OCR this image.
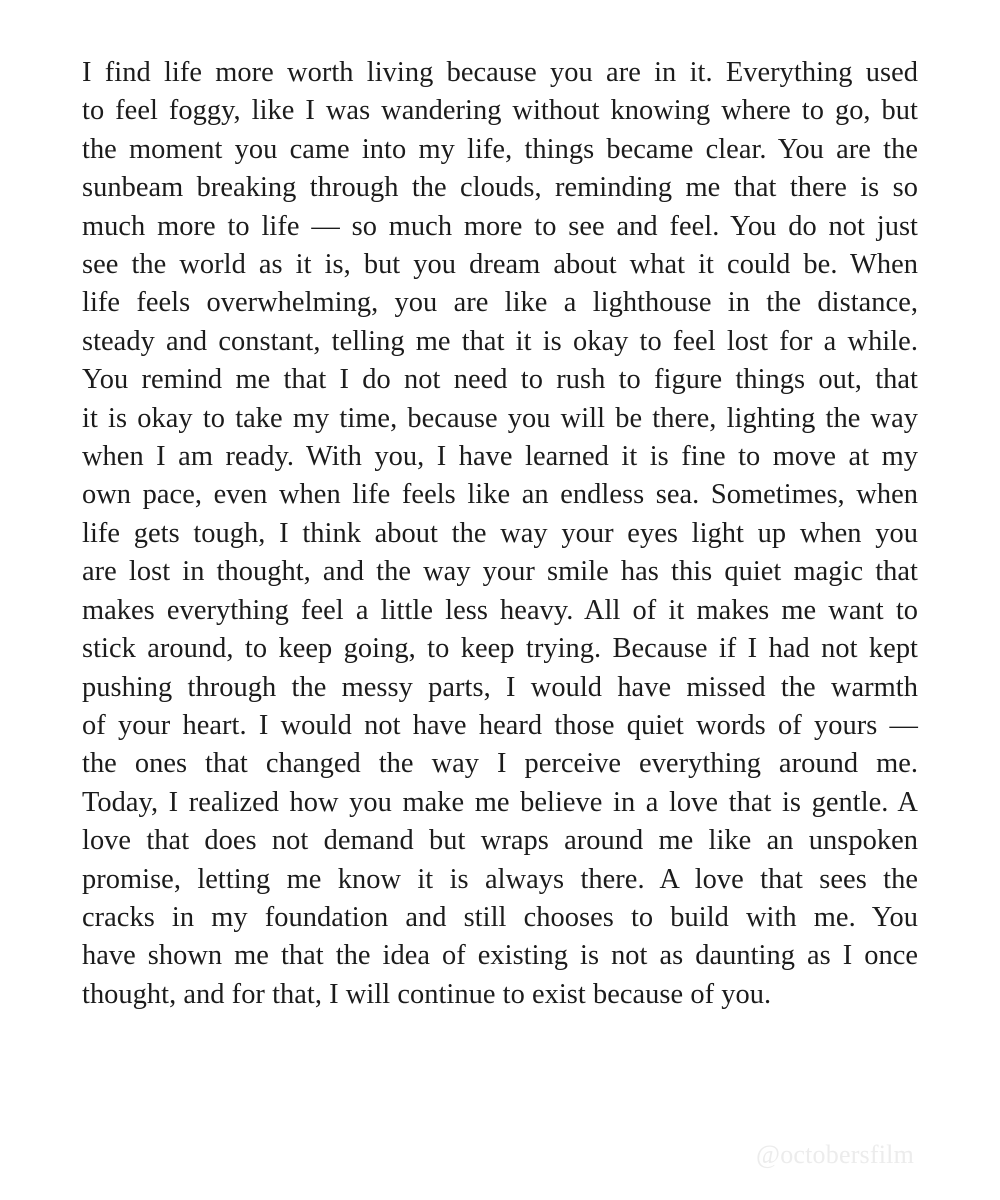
I find life more worth living because you are in it. Everything used
to feel foggy, like I was wandering without knowing where to go, but
the moment you came into my life, things became clear. You are the
sunbeam breaking through the clouds, reminding me that there is so
much more to life — so much more to see and feel. You do not just
see the world as it is, but you dream about what it could be. When
life feels overwhelming, you are like a lighthouse in the distance,
steady and constant, telling me that it is okay to feel lost for a while.
You remind me that I do not need to rush to figure things out, that
it is okay to take my time, because you will be there, lighting the way
when I am ready. With you, I have learned it is fine to move at my
own pace, even when life feels like an endless sea. Sometimes, when
life gets tough, I think about the way your eyes light up when you
are lost in thought, and the way your smile has this quiet magic that
makes everything feel a little less heavy. All of it makes me want to
stick around, to keep going, to keep trying. Because if I had not kept
pushing through the messy parts, I would have missed the warmth
of your heart. I would not have heard those quiet words of yours —
the ones that changed the way I perceive everything around me.
Today, I realized how you make me believe in a love that is gentle. A
love that does not demand but wraps around me like an unspoken
promise, letting me know it is always there. A love that sees the
cracks in my foundation and still chooses to build with me. You
have shown me that the idea of existing is not as daunting as I once
thought, and for that, I will continue to exist because of you.

@octobersfilm
